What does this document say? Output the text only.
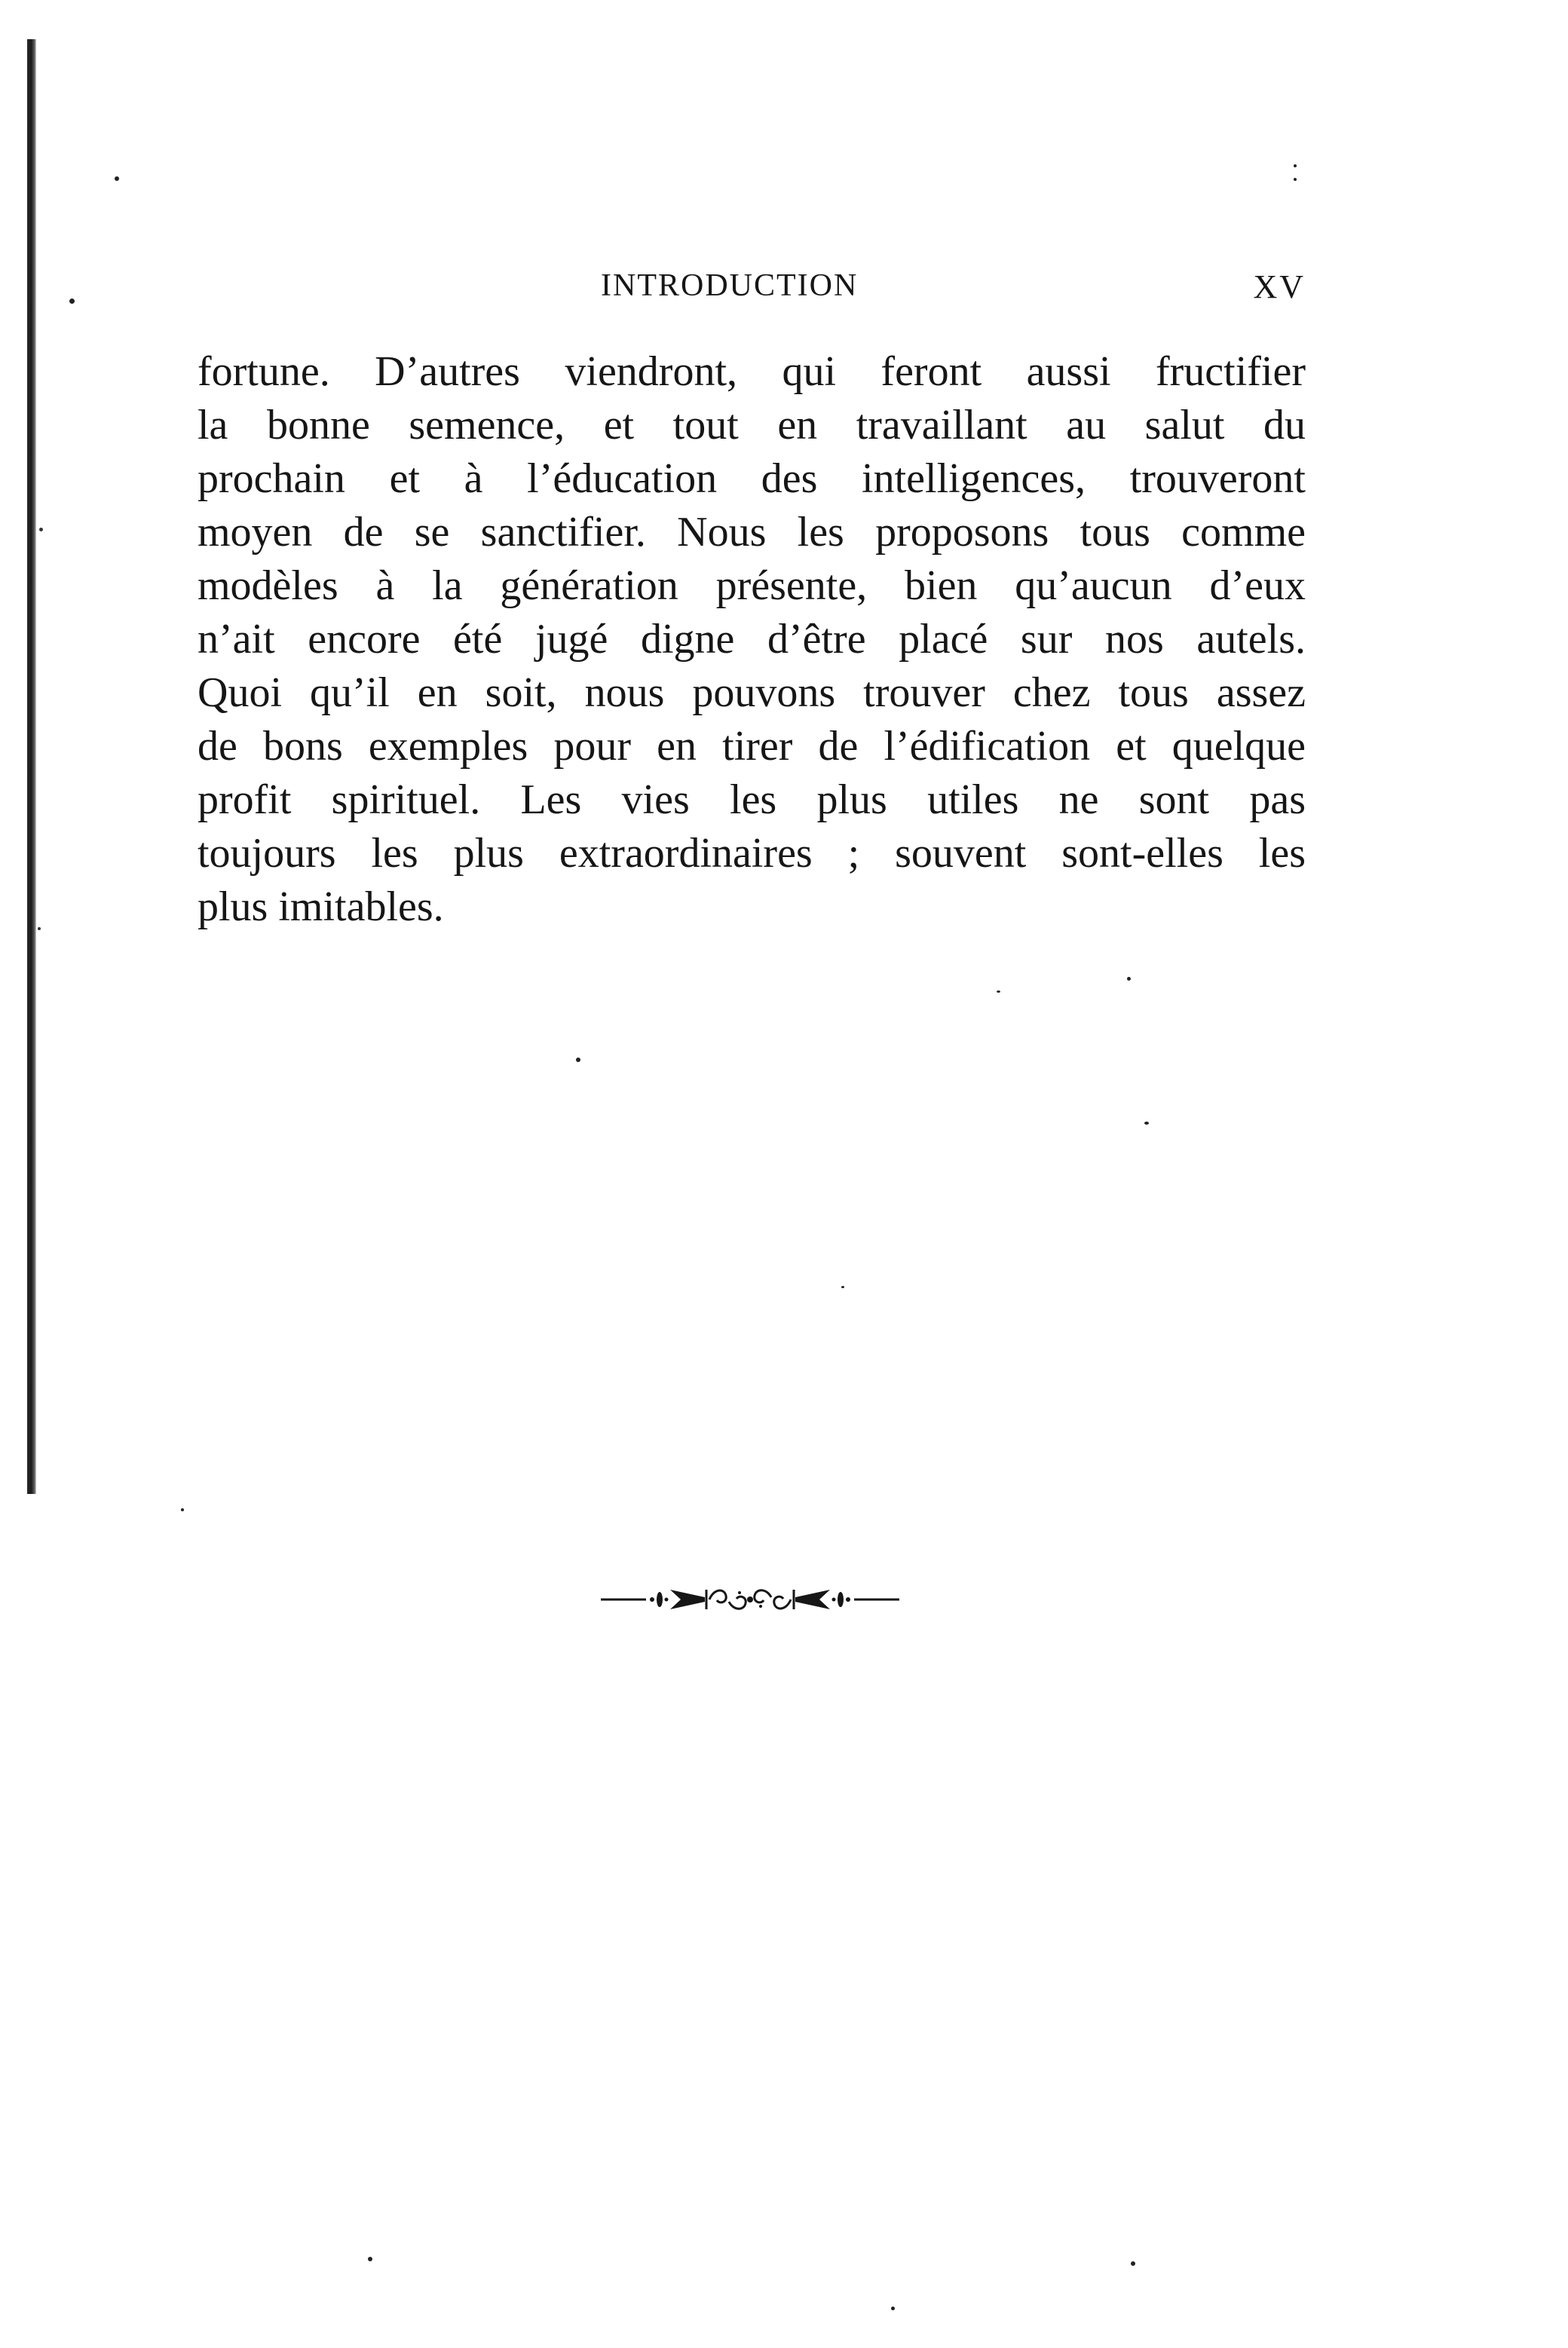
INTRODUCTION	XV

fortune. D’autres viendront, qui feront aussi fructifier
la bonne semence, et tout en travaillant au salut du
prochain et à l’éducation des intelligences, trouveront
moyen de se sanctifier. Nous les proposons tous comme
modèles à la génération présente, bien qu’aucun d’eux
n’ait encore été jugé digne d’être placé sur nos autels.
Quoi qu’il en soit, nous pouvons trouver chez tous assez
de bons exemples pour en tirer de l’édification et quelque
profit spirituel. Les vies les plus utiles ne sont pas
toujours les plus extraordinaires ; souvent sont-elles les
plus imitables.
